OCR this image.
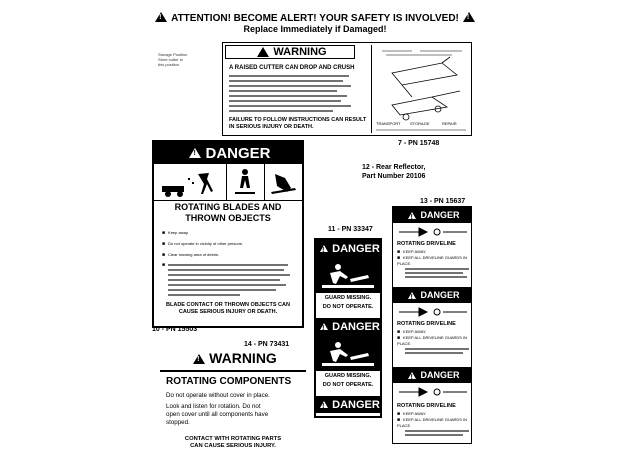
!ATTENTION! BECOME ALERT! YOUR SAFETY IS INVOLVED!!
Replace Immediately if Damaged!
Storage Position
Store cutter in
this position
!
WARNING
A RAISED CUTTER CAN DROP AND CRUSH
FAILURE TO FOLLOW INSTRUCTIONS CAN RESULT
IN SERIOUS INJURY OR DEATH.
TRANSPORT STORAGE	REPAIR
7 - PN 15748
!
DANGER
ROTATING BLADES AND
THROWN OBJECTS
■ Keep away.
■ Do not operate in vicinity of other persons.
■ Clear mowing area of debris.
■
BLADE CONTACT OR THROWN OBJECTS CAN
CAUSE SERIOUS INJURY OR DEATH.
10 - PN 15503
12 - Rear Reflector,
Part Number 20106
11 - PN 33347
!
DANGER
GUARD MISSING.
DO NOT OPERATE.
!
DANGER
GUARD MISSING.
DO NOT OPERATE.
!
DANGER
13 - PN 15637
!
DANGER
ROTATING DRIVELINE
■ KEEP AWAY.
■ KEEP ALL DRIVELINE GUARDS IN PLACE.
!
DANGER
ROTATING DRIVELINE
■ KEEP AWAY.
■ KEEP ALL DRIVELINE GUARDS IN PLACE.
!
DANGER
ROTATING DRIVELINE
■ KEEP AWAY.
■ KEEP ALL DRIVELINE GUARDS IN PLACE.
14 - PN 73431
!WARNING
ROTATING COMPONENTS
Do not operate without cover in place.
Look and listen for rotation. Do not
open cover until all components have
stopped.
CONTACT WITH ROTATING PARTS
CAN CAUSE SERIOUS INJURY.
